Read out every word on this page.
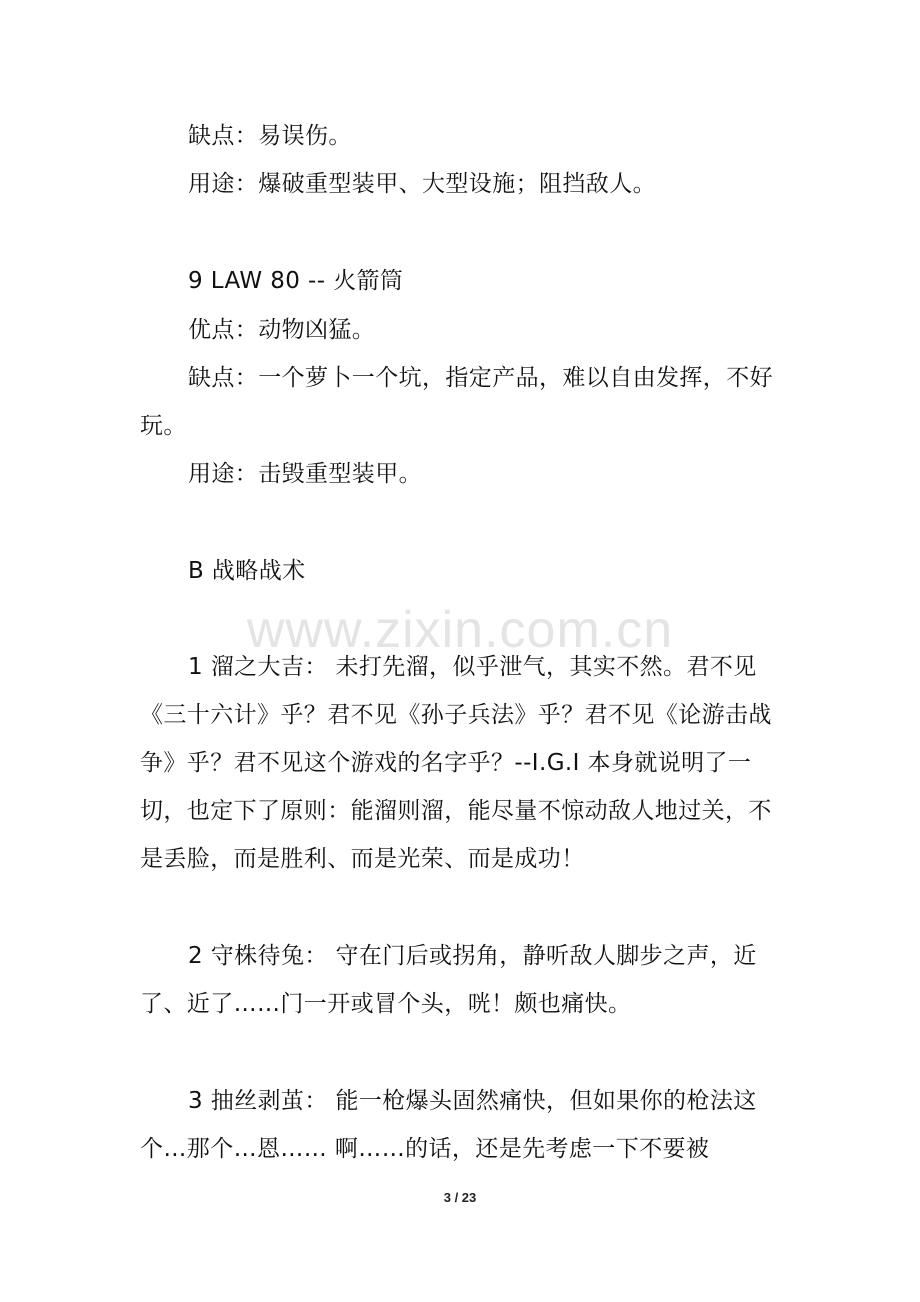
www.zixin.com.cn

缺点：易误伤。

用途：爆破重型装甲、大型设施；阻挡敌人。

9 LAW 80 -- 火箭筒

优点：动物凶猛。

缺点：一个萝卜一个坑，指定产品，难以自由发挥，不好玩。

用途：击毁重型装甲。

B 战略战术

1 溜之大吉： 未打先溜，似乎泄气，其实不然。君不见《三十六计》乎？君不见《孙子兵法》乎？君不见《论游击战争》乎？君不见这个游戏的名字乎？--I.G.I 本身就说明了一切，也定下了原则：能溜则溜，能尽量不惊动敌人地过关，不是丢脸，而是胜利、而是光荣、而是成功！

2 守株待兔： 守在门后或拐角，静听敌人脚步之声，近了、近了……门一开或冒个头，咣！颇也痛快。

3 抽丝剥茧： 能一枪爆头固然痛快，但如果你的枪法这个…那个…恩…… 啊……的话，还是先考虑一下不要被

3 / 23
